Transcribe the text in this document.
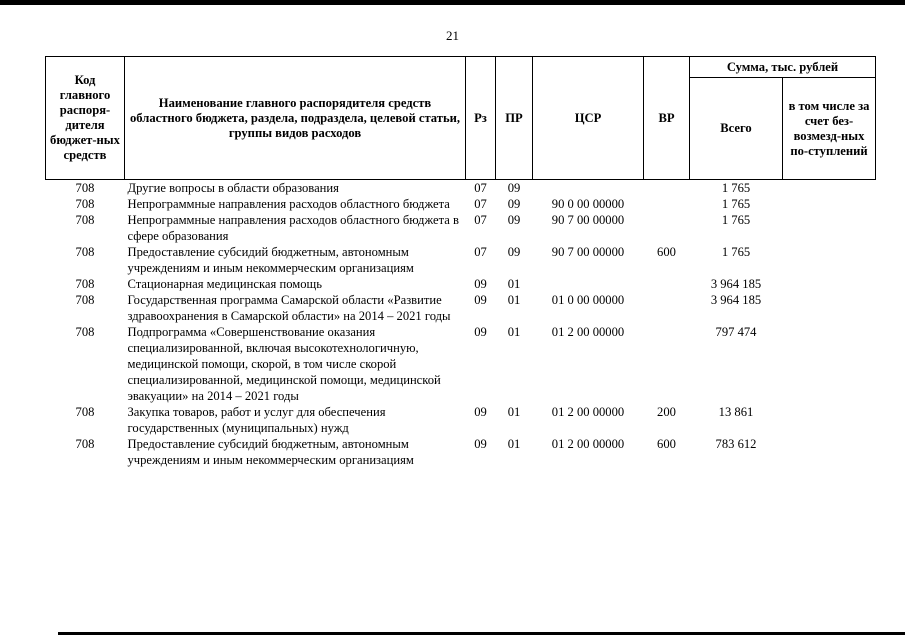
21
Код главного распоря-дителя бюджет-ных средств	Наименование главного распорядителя средств областного бюджета, раздела, подраздела, целевой статьи, группы видов расходов	Рз	ПР	ЦСР	ВР	Сумма, тыс. рублей	
						Всего	в том числе за счет без-возмезд-ных по-ступлений
708	Другие вопросы в области образования	07	09			1 765	
708	Непрограммные направления расходов областного бюджета	07	09	90 0 00 00000		1 765	
708	Непрограммные направления расходов областного бюджета в сфере образования	07	09	90 7 00 00000		1 765	
708	Предоставление субсидий бюджетным, автономным учреждениям и иным некоммерческим организациям	07	09	90 7 00 00000	600	1 765	
708	Стационарная медицинская помощь	09	01			3 964 185	
708	Государственная программа Самарской области «Развитие здравоохранения в Самарской области» на 2014 – 2021 годы	09	01	01 0 00 00000		3 964 185	
708	Подпрограмма «Совершенствование оказания специализированной, включая высокотехнологичную, медицинской помощи, скорой, в том числе скорой специализированной, медицинской помощи, медицинской эвакуации» на 2014 – 2021 годы	09	01	01 2 00 00000		797 474	
708	Закупка товаров, работ и услуг для обеспечения государственных (муниципальных) нужд	09	01	01 2 00 00000	200	13 861	
708	Предоставление субсидий бюджетным, автономным учреждениям и иным некоммерческим организациям	09	01	01 2 00 00000	600	783 612	
